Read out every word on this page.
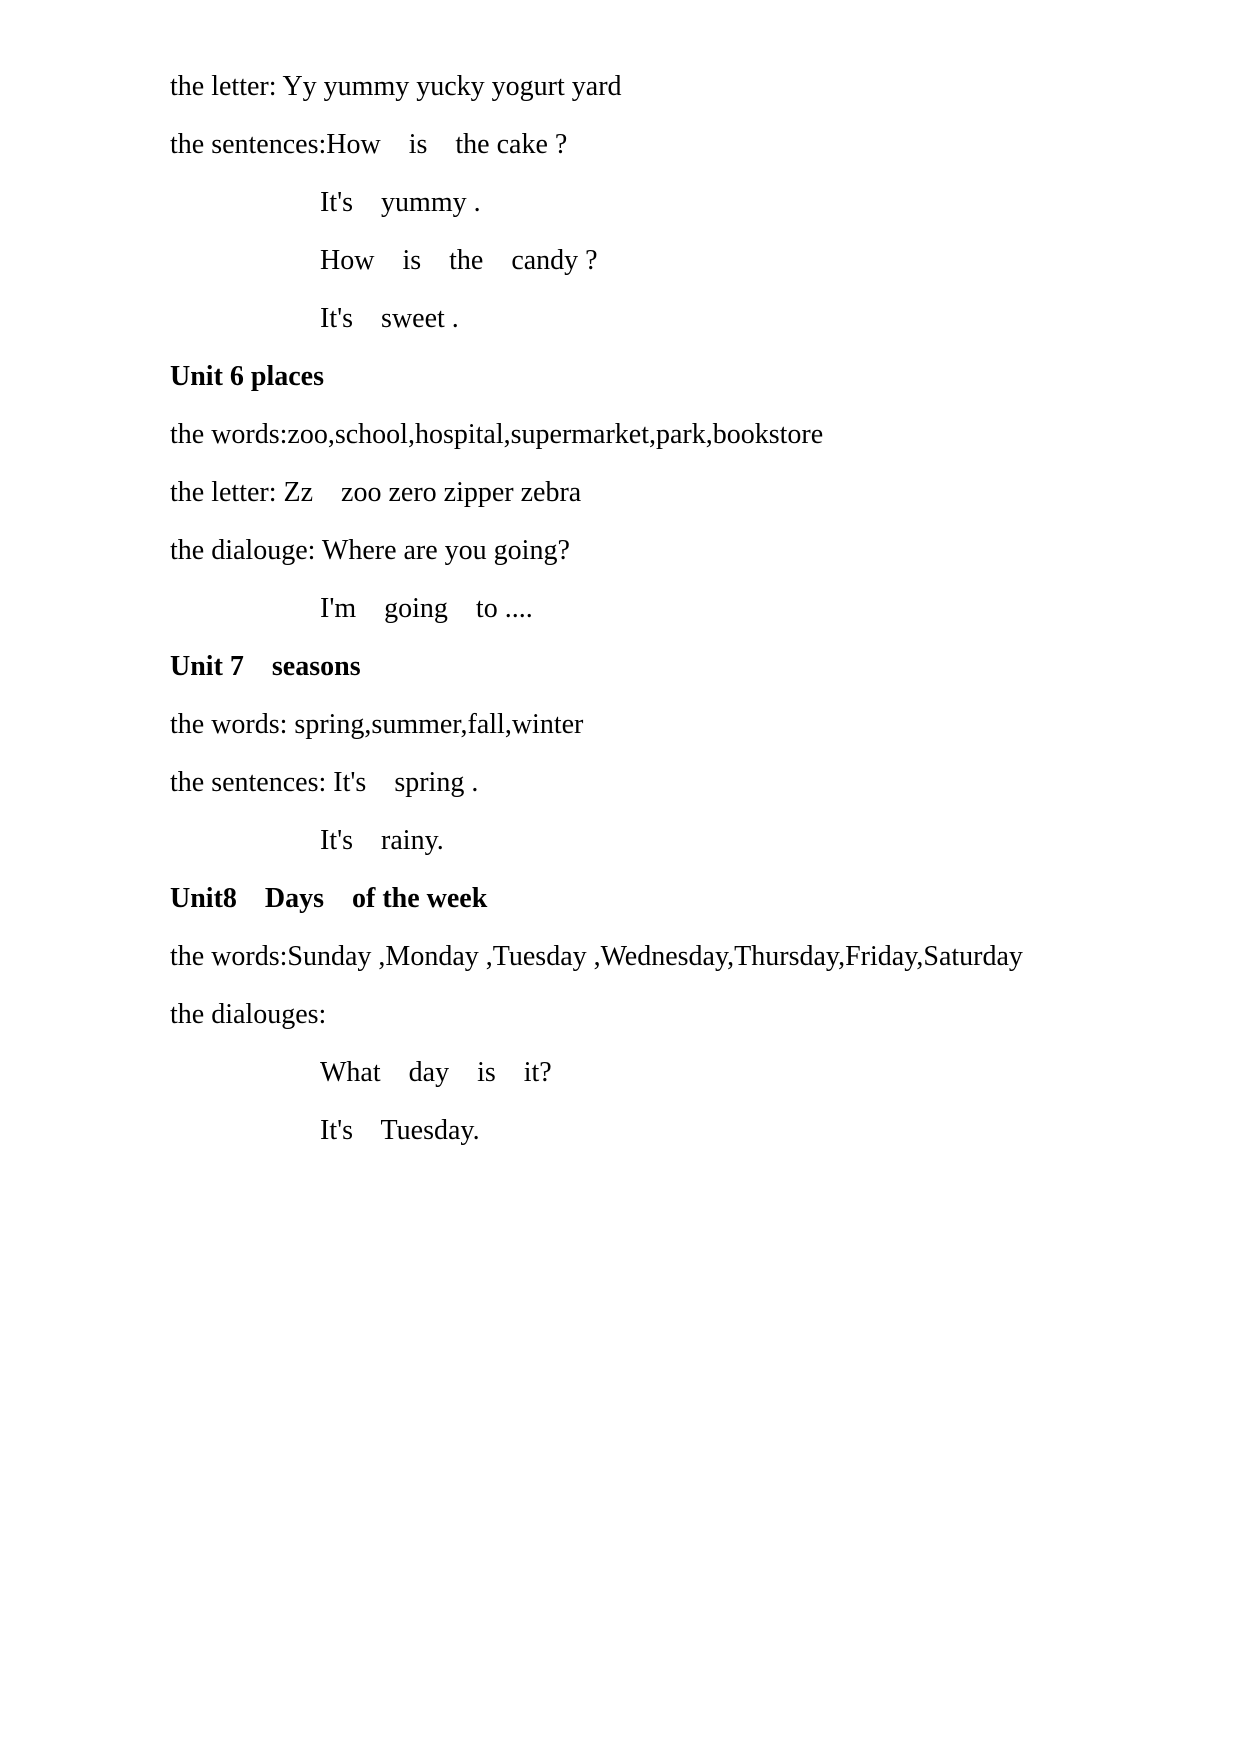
the letter: Yy yummy yucky yogurt yard

the sentences:How    is    the cake ?

It's    yummy .

How    is    the    candy ?

It's    sweet .

Unit 6 places

the words:zoo,school,hospital,supermarket,park,bookstore

the letter: Zz    zoo zero zipper zebra

the dialouge: Where are you going?

I'm    going    to ....

Unit 7    seasons

the words: spring,summer,fall,winter

the sentences: It's    spring .

It's    rainy.

Unit8    Days    of the week

the words:Sunday ,Monday ,Tuesday ,Wednesday,Thursday,Friday,Saturday

the dialouges:

What    day    is    it?

It's    Tuesday.
